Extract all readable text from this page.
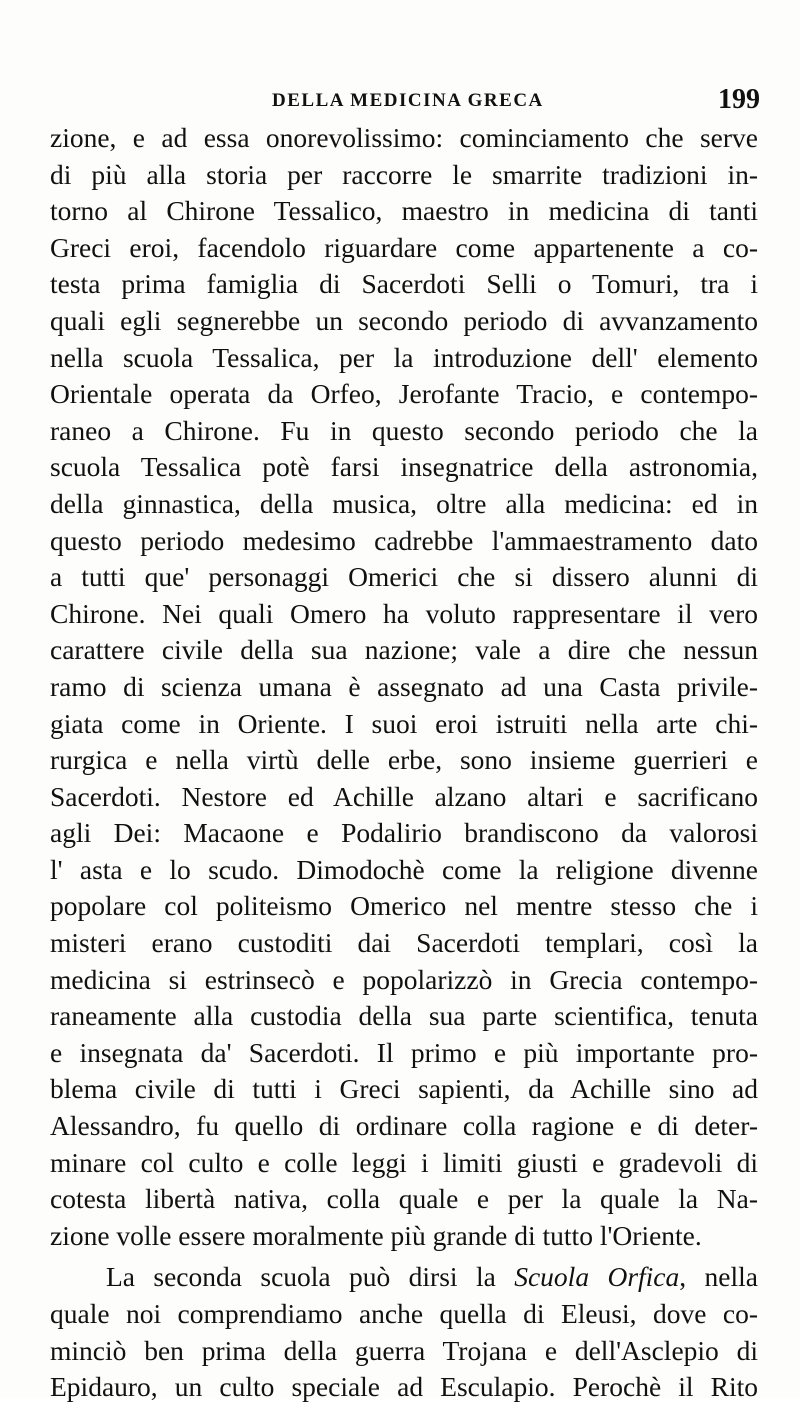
DELLA MEDICINA GRECA	199
zione, e ad essa onorevolissimo: cominciamento che serve
di più alla storia per raccorre le smarrite tradizioni in-
torno al Chirone Tessalico, maestro in medicina di tanti
Greci eroi, facendolo riguardare come appartenente a co-
testa prima famiglia di Sacerdoti Selli o Tomuri, tra i
quali egli segnerebbe un secondo periodo di avvanzamento
nella scuola Tessalica, per la introduzione dell' elemento
Orientale operata da Orfeo, Jerofante Tracio, e contempo-
raneo a Chirone. Fu in questo secondo periodo che la
scuola Tessalica potè farsi insegnatrice della astronomia,
della ginnastica, della musica, oltre alla medicina: ed in
questo periodo medesimo cadrebbe l'ammaestramento dato
a tutti que' personaggi Omerici che si dissero alunni di
Chirone. Nei quali Omero ha voluto rappresentare il vero
carattere civile della sua nazione; vale a dire che nessun
ramo di scienza umana è assegnato ad una Casta privile-
giata come in Oriente. I suoi eroi istruiti nella arte chi-
rurgica e nella virtù delle erbe, sono insieme guerrieri e
Sacerdoti. Nestore ed Achille alzano altari e sacrificano
agli Dei: Macaone e Podalirio brandiscono da valorosi
l' asta e lo scudo. Dimodochè come la religione divenne
popolare col politeismo Omerico nel mentre stesso che i
misteri erano custoditi dai Sacerdoti templari, così la
medicina si estrinsecò e popolarizzò in Grecia contempo-
raneamente alla custodia della sua parte scientifica, tenuta
e insegnata da' Sacerdoti. Il primo e più importante pro-
blema civile di tutti i Greci sapienti, da Achille sino ad
Alessandro, fu quello di ordinare colla ragione e di deter-
minare col culto e colle leggi i limiti giusti e gradevoli di
cotesta libertà nativa, colla quale e per la quale la Na-
zione volle essere moralmente più grande di tutto l'Oriente.
La seconda scuola può dirsi la Scuola Orfica, nella
quale noi comprendiamo anche quella di Eleusi, dove co-
minciò ben prima della guerra Trojana e dell'Asclepio di
Epidauro, un culto speciale ad Esculapio. Perochè il Rito
